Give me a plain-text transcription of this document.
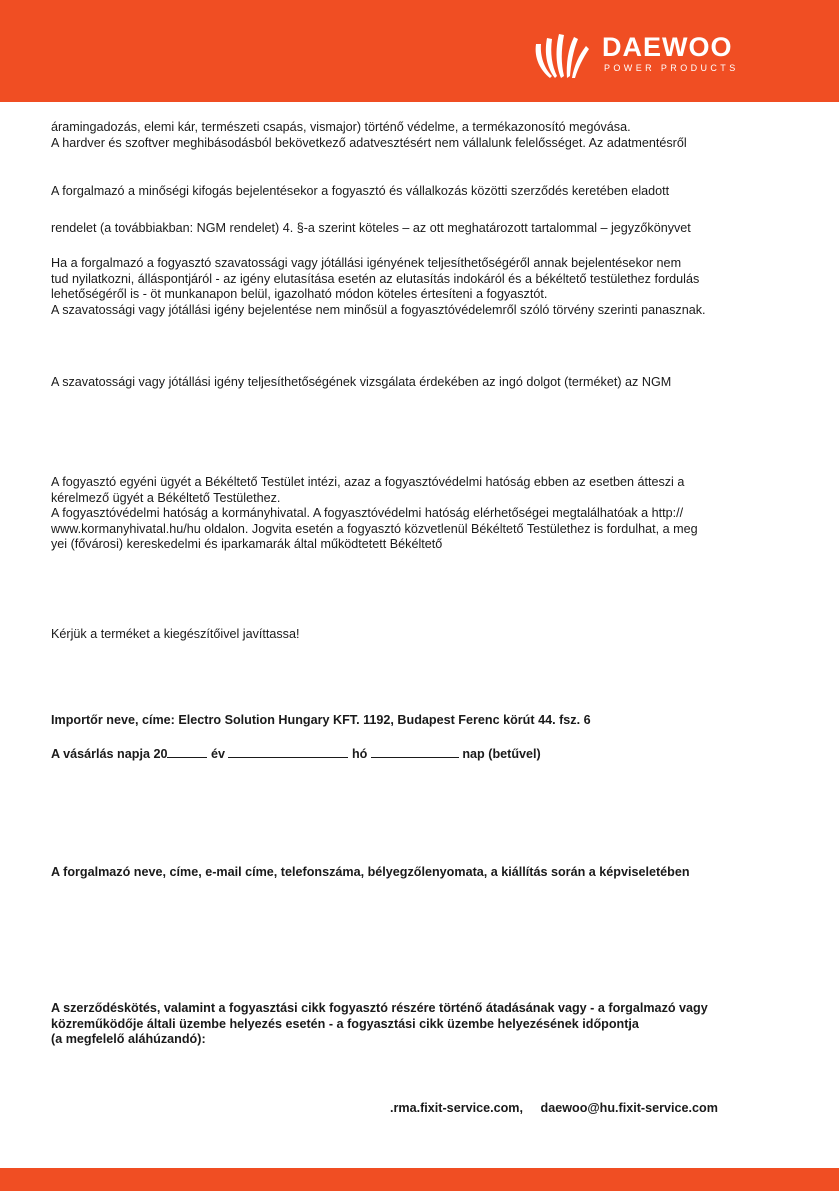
DAEWOO
POWER PRODUCTS
áramingadozás, elemi kár, természeti csapás, vismajor) történő védelme, a termékazonosító megóvása.
A hardver és szoftver meghibásodásból bekövetkező adatvesztésért nem vállalunk felelősséget. Az adatmentésről
A forgalmazó a minőségi kifogás bejelentésekor a fogyasztó és vállalkozás közötti szerződés keretében eladott
rendelet (a továbbiakban: NGM rendelet) 4. §-a szerint köteles – az ott meghatározott tartalommal – jegyzőkönyvet
Ha a forgalmazó a fogyasztó szavatossági vagy jótállási igényének teljesíthetőségéről annak bejelentésekor nem
tud nyilatkozni, álláspontjáról - az igény elutasítása esetén az elutasítás indokáról és a békéltető testülethez fordulás
lehetőségéről is - öt munkanapon belül, igazolható módon köteles értesíteni a fogyasztót.
A szavatossági vagy jótállási igény bejelentése nem minősül a fogyasztóvédelemről szóló törvény szerinti panasznak.
A szavatossági vagy jótállási igény teljesíthetőségének vizsgálata érdekében az ingó dolgot (terméket) az NGM
A fogyasztó egyéni ügyét a Békéltető Testület intézi, azaz a fogyasztóvédelmi hatóság ebben az esetben átteszi a
kérelmező ügyét a Békéltető Testülethez.
A fogyasztóvédelmi hatóság a kormányhivatal. A fogyasztóvédelmi hatóság elérhetőségei megtalálhatóak a http://
www.kormanyhivatal.hu/hu oldalon. Jogvita esetén a fogyasztó közvetlenül Békéltető Testülethez is fordulhat, a meg
yei (fővárosi) kereskedelmi és iparkamarák által működtetett Békéltető
Kérjük a terméket a kiegészítőivel javíttassa!
Importőr neve, címe: Electro Solution Hungary KFT. 1192, Budapest Ferenc körút 44. fsz. 6
A vásárlás napja 20	év	hó	nap (betűvel)
A forgalmazó neve, címe, e-mail címe, telefonszáma, bélyegzőlenyomata, a kiállítás során a képviseletében
A szerződéskötés, valamint a fogyasztási cikk fogyasztó részére történő átadásának vagy - a forgalmazó vagy
közreműködője általi üzembe helyezés esetén - a fogyasztási cikk üzembe helyezésének időpontja
(a megfelelő aláhúzandó):
.rma.fixit-service.com, daewoo@hu.fixit-service.com
